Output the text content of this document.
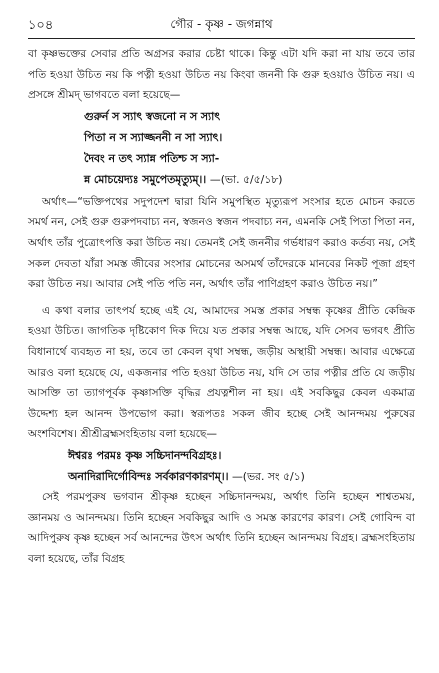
১০৪	গৌর - কৃষ্ণ - জগন্নাথ

বা কৃষ্ণভক্তের সেবার প্রতি অগ্রসর করার চেষ্টা থাকে। কিন্তু এটা যদি করা না যায় তবে তার পতি হওয়া উচিত নয় কি পত্নী হওয়া উচিত নয় কিংবা জননী কি গুরু হওয়াও উচিত নয়। এ প্রসঙ্গে শ্রীমদ্ ভাগবতে বলা হয়েছে—

গুরুর্ন স স্যাৎ স্বজনো ন স স্যাৎ
পিতা ন স স্যাজ্জননী ন সা স্যাৎ।
দৈবং ন তৎ স্যান্ন পতিশ্চ স স্যা-
ন্ন মোচয়েদ্যঃ সমুপেতমৃত্যুম্।। —(ভা. ৫/৫/১৮)

অর্থাৎ—“ভক্তিপথের সদুপদেশ দ্বারা যিনি সমুপস্থিত মৃত্যুরূপ সংসার হতে মোচন করতে সমর্থ নন, সেই গুরু গুরুপদবাচ্য নন, স্বজনও স্বজন পদবাচ্য নন, এমনকি সেই পিতা পিতা নন, অর্থাৎ তাঁর পুত্রোৎপত্তি করা উচিত নয়। তেমনই সেই জননীর গর্ভধারণ করাও কর্তব্য নয়, সেই সকল দেবতা যাঁরা সমস্ত জীবের সংসার মোচনের অসমর্থ তাঁদেরকে মানবের নিকট পূজা গ্রহণ করা উচিত নয়। আবার সেই পতি পতি নন, অর্থাৎ তাঁর পাণিগ্রহণ করাও উচিত নয়।”

এ কথা বলার তাৎপর্য হচ্ছে এই যে, আমাদের সমস্ত প্রকার সম্বন্ধ কৃষ্ণের প্রীতি কেন্দ্রিক হওয়া উচিত। জাগতিক দৃষ্টিকোণ দিক দিয়ে যত প্রকার সম্বন্ধ আছে, যদি সেসব ভগবৎ প্রীতি বিধানার্থে ব্যবহৃত না হয়, তবে তা কেবল বৃথা সম্বন্ধ, জড়ীয় অস্থায়ী সম্বন্ধ। আবার এক্ষেত্রে আরও বলা হয়েছে যে, একজনার পতি হওয়া উচিত নয়, যদি সে তার পত্নীর প্রতি যে জড়ীয় আসক্তি তা ত্যাগপূর্বক কৃষ্ণাসক্তি বৃদ্ধির প্রযত্নশীল না হয়। এই সবকিছুর কেবল একমাত্র উদ্দেশ্য হল আনন্দ উপভোগ করা। স্বরূপতঃ সকল জীব হচ্ছে সেই আনন্দময় পুরুষের অংশবিশেষ। শ্রীশ্রীব্রহ্মসংহিতায় বলা হয়েছে—

ঈশ্বরঃ পরমঃ কৃষ্ণ সচ্চিদানন্দবিগ্রহঃ।
অনাদিরাদির্গোবিন্দঃ সর্বকারণকারণম্।। —(ভর. সং ৫/১)

সেই পরমপুরুষ ভগবান শ্রীকৃষ্ণ হচ্ছেন সচ্চিদানন্দময়, অর্থাৎ তিনি হচ্ছেন শাশ্বতময়, জ্ঞানময় ও আনন্দময়। তিনি হচ্ছেন সবকিছুর আদি ও সমস্ত কারণের কারণ। সেই গোবিন্দ বা আদিপুরুষ কৃষ্ণ হচ্ছেন সর্ব আনন্দের উৎস অর্থাৎ তিনি হচ্ছেন আনন্দময় বিগ্রহ। ব্রহ্মসংহিতায় বলা হয়েছে, তাঁর বিগ্রহ
